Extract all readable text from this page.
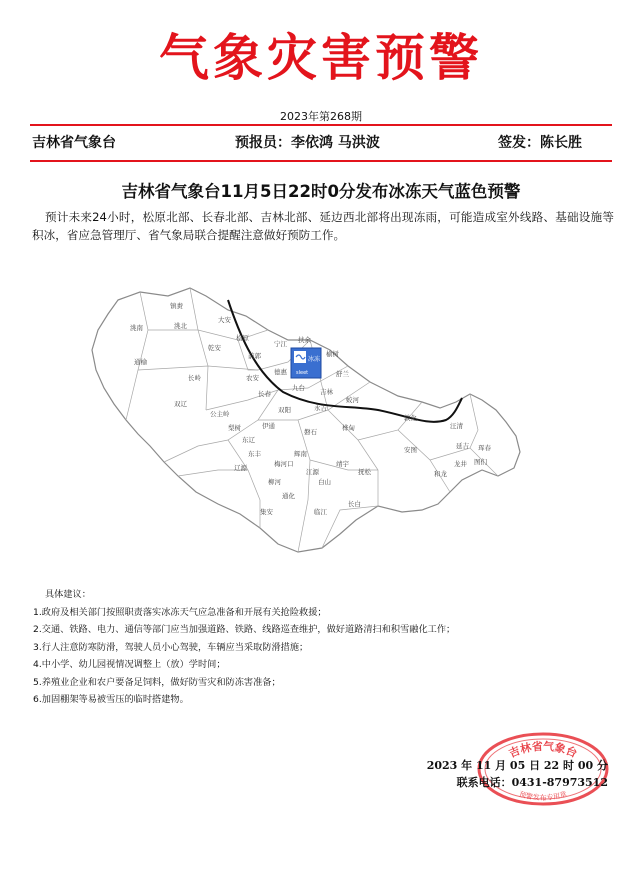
气象灾害预警
2023年第268期
吉林省气象台	预报员：李依鸿 马洪波	签发：陈长胜
吉林省气象台11月5日22时0分发布冰冻天气蓝色预警
预计未来24小时，松原北部、长春北部、吉林北部、延边西北部将出现冻雨，可能造成室外线路、基础设施等积冰，省应急管理厅、省气象局联合提醒注意做好预防工作。
冰冻
sleet
镇赉
洮南	洮北
大安
通榆
乾安
前郭
松原	扶余
宁江
长岭
榆树
德惠	舒兰
蛟河
敦化
安图
汪清
珲春
延吉
图们
和龙
龙井
长春
九台
农安
公主岭
双辽
梨树	伊通
双阳	永吉
吉林
桦甸
磐石
辉南
梅河口
东丰
东辽
辽源
柳河
通化
集安
白山
靖宇
抚松
长白
临江
江源
具体建议：
1.政府及相关部门按照职责落实冰冻天气应急准备和开展有关抢险救援；
2.交通、铁路、电力、通信等部门应当加强道路、铁路、线路巡查维护，做好道路清扫和积雪融化工作；
3.行人注意防寒防滑，驾驶人员小心驾驶，车辆应当采取防滑措施；
4.中小学、幼儿园视情况调整上（放）学时间；
5.养殖业企业和农户要备足饲料，做好防雪灾和防冻害准备；
6.加固棚架等易被雪压的临时搭建物。
吉林省气象台
预警发布专用章
2023 年 11 月 05 日 22 时 00 分
联系电话：0431-87973512
